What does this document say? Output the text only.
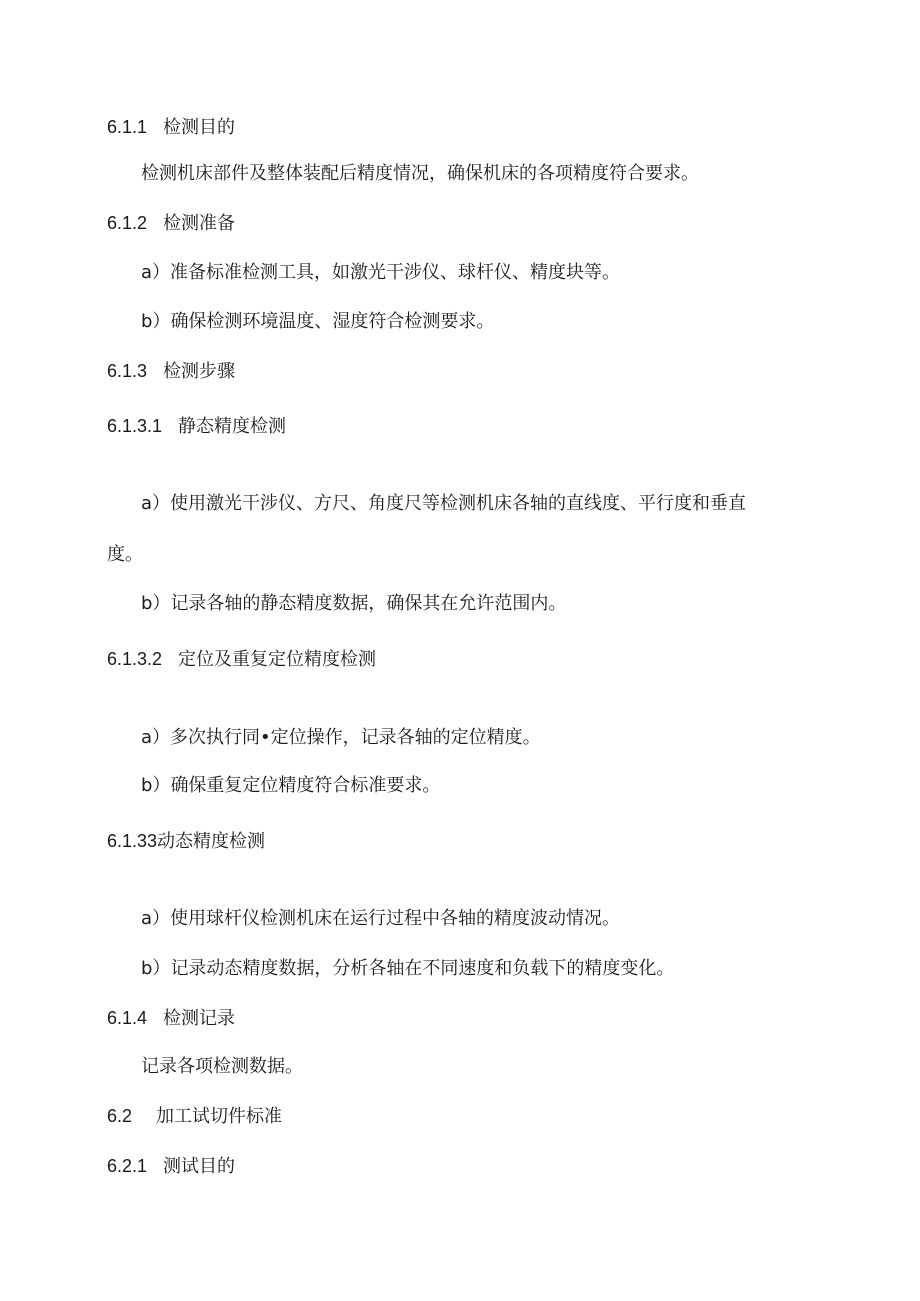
6.1.1 检测目的
检测机床部件及整体装配后精度情况，确保机床的各项精度符合要求。
6.1.2 检测准备
a）准备标准检测工具，如激光干涉仪、球杆仪、精度块等。
b）确保检测环境温度、湿度符合检测要求。
6.1.3 检测步骤
6.1.3.1 静态精度检测
a）使用激光干涉仪、方尺、角度尺等检测机床各轴的直线度、平行度和垂直
度。
b）记录各轴的静态精度数据，确保其在允许范围内。
6.1.3.2 定位及重复定位精度检测
a）多次执行同•定位操作，记录各轴的定位精度。
b）确保重复定位精度符合标准要求。
6.1.33动态精度检测
a）使用球杆仪检测机床在运行过程中各轴的精度波动情况。
b）记录动态精度数据，分析各轴在不同速度和负载下的精度变化。
6.1.4 检测记录
记录各项检测数据。
6.2 加工试切件标准
6.2.1 测试目的
